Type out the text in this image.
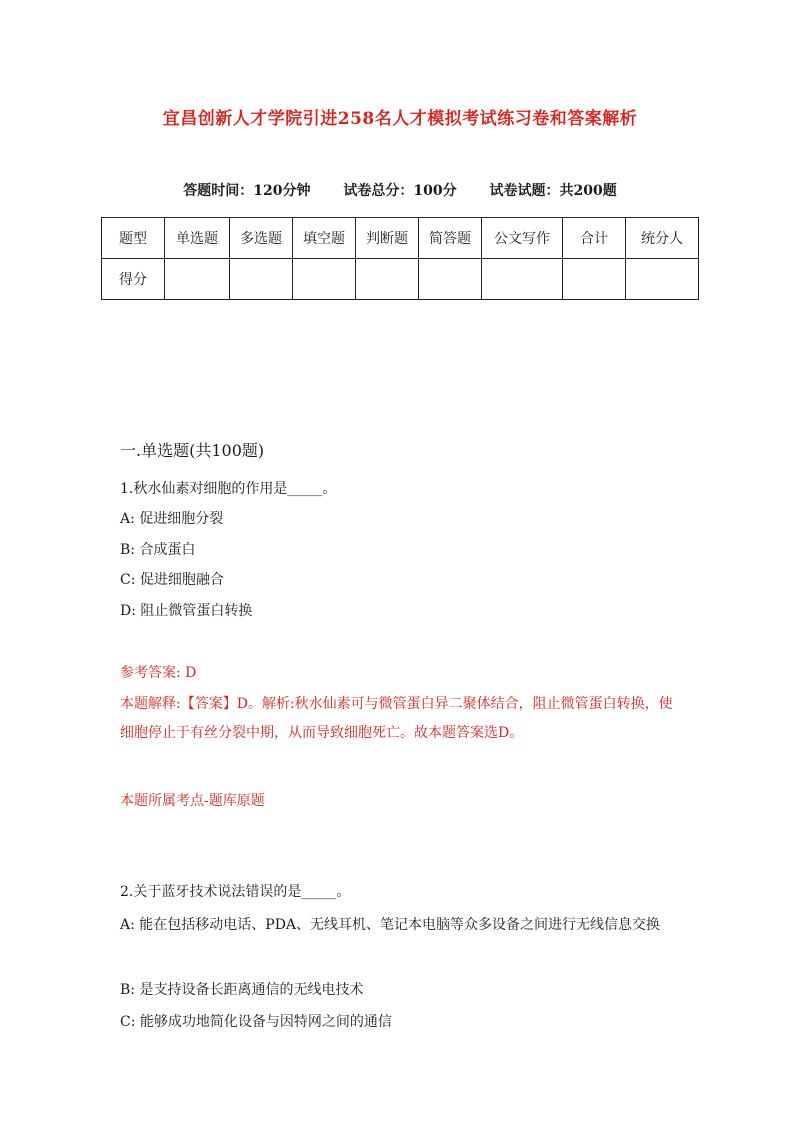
宜昌创新人才学院引进258名人才模拟考试练习卷和答案解析
答题时间：120分钟 试卷总分：100分 试卷试题：共200题
题型	单选题	多选题	填空题	判断题	简答题	公文写作	合计	统分人
得分								
一.单选题(共100题)
1.秋水仙素对细胞的作用是_____。
A: 促进细胞分裂
B: 合成蛋白
C: 促进细胞融合
D: 阻止微管蛋白转换
参考答案: D
本题解释:【答案】D。解析:秋水仙素可与微管蛋白异二聚体结合，阻止微管蛋白转换，使细胞停止于有丝分裂中期，从而导致细胞死亡。故本题答案选D。
本题所属考点-题库原题
2.关于蓝牙技术说法错误的是_____。
A: 能在包括移动电话、PDA、无线耳机、笔记本电脑等众多设备之间进行无线信息交换
B: 是支持设备长距离通信的无线电技术
C: 能够成功地简化设备与因特网之间的通信
